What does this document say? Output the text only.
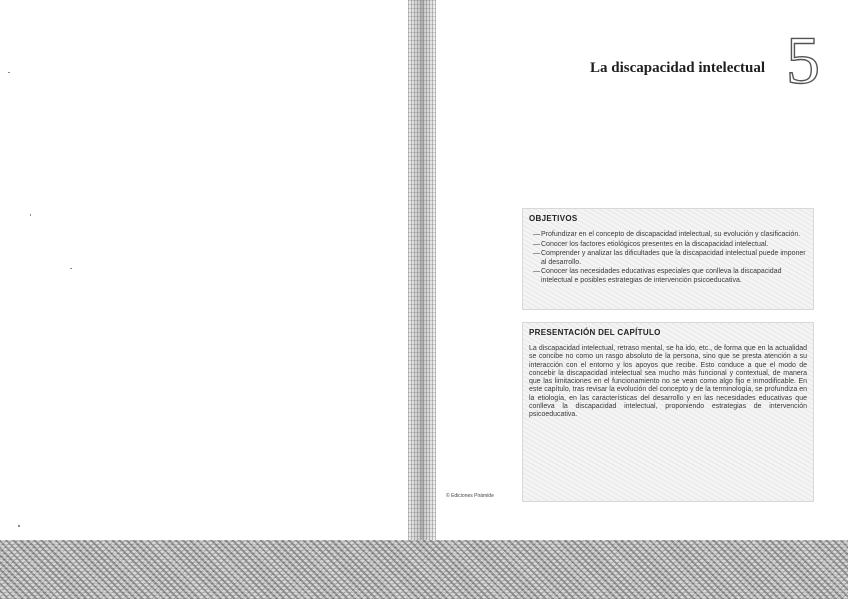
La discapacidad intelectual 5
OBJETIVOS
— Profundizar en el concepto de discapacidad intelectual, su evolución y clasificación.
— Conocer los factores etiológicos presentes en la discapacidad intelectual.
— Comprender y analizar las dificultades que la discapacidad intelectual puede imponer al desarrollo.
— Conocer las necesidades educativas especiales que conlleva la discapacidad intelectual e posibles estrategias de intervención psicoeducativa.
PRESENTACIÓN DEL CAPÍTULO

La discapacidad intelectual, retraso mental, se ha ido, etc., de forma que en la actualidad se concibe no como un rasgo absoluto de la persona, sino que se presta atención a su interacción con el entorno y los apoyos que recibe. Esto conduce a que el modo de concebir la discapacidad intelectual sea mucho más funcional y contextual, de manera que las limitaciones en el funcionamiento no se vean como algo fijo e inmodificable. En este capítulo, tras revisar la evolución del concepto y de la terminología, se profundiza en la etiología, en las características del desarrollo y en las necesidades educativas que conlleva la discapacidad intelectual, proponiendo estrategias de intervención psicoeducativa.

© Ediciones Pirámide
